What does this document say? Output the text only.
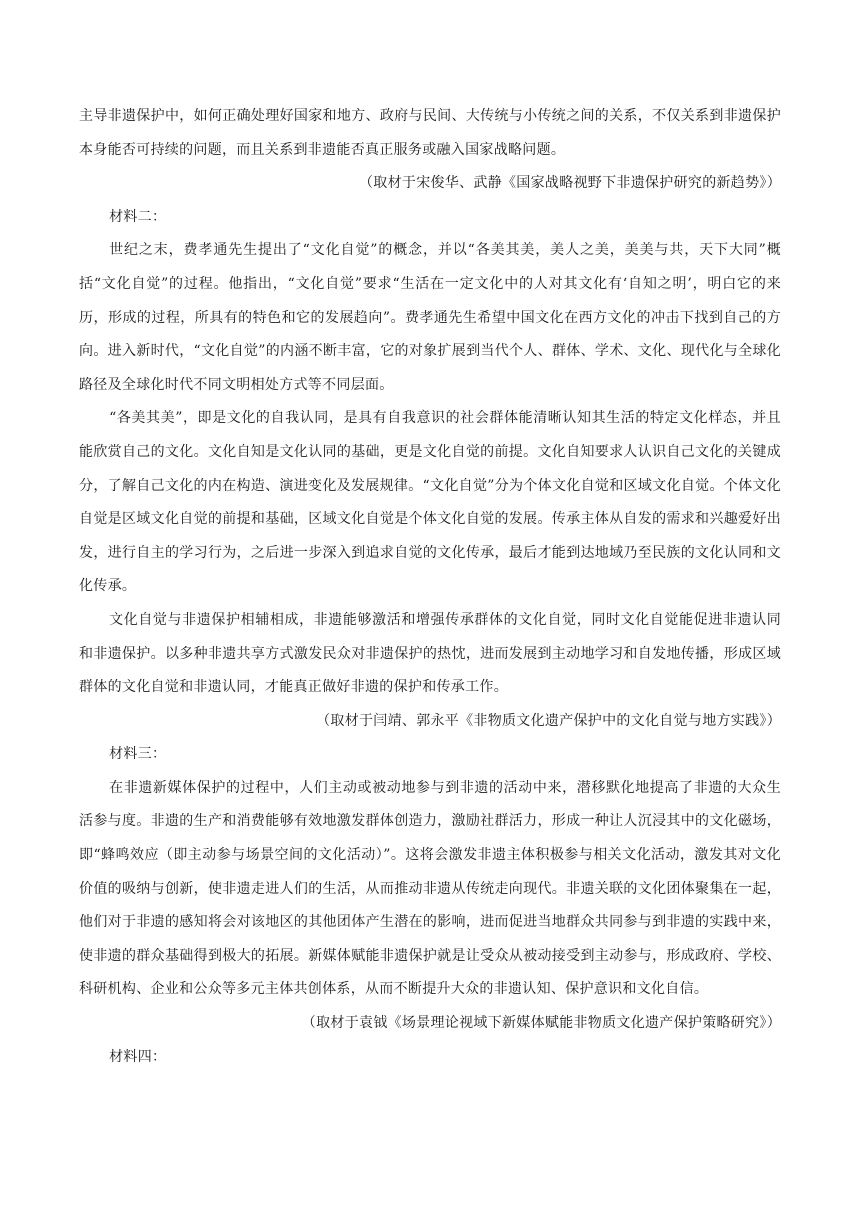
主导非遗保护中，如何正确处理好国家和地方、政府与民间、大传统与小传统之间的关系，不仅关系到非遗保护本身能否可持续的问题，而且关系到非遗能否真正服务或融入国家战略问题。

（取材于宋俊华、武静《国家战略视野下非遗保护研究的新趋势》）

材料二：

世纪之末，费孝通先生提出了“文化自觉”的概念，并以“各美其美，美人之美，美美与共，天下大同”概括“文化自觉”的过程。他指出，“文化自觉”要求“生活在一定文化中的人对其文化有‘自知之明’，明白它的来历，形成的过程，所具有的特色和它的发展趋向”。费孝通先生希望中国文化在西方文化的冲击下找到自己的方向。进入新时代，“文化自觉”的内涵不断丰富，它的对象扩展到当代个人、群体、学术、文化、现代化与全球化路径及全球化时代不同文明相处方式等不同层面。

“各美其美”，即是文化的自我认同，是具有自我意识的社会群体能清晰认知其生活的特定文化样态，并且能欣赏自己的文化。文化自知是文化认同的基础，更是文化自觉的前提。文化自知要求人认识自己文化的关键成分，了解自己文化的内在构造、演进变化及发展规律。“文化自觉”分为个体文化自觉和区域文化自觉。个体文化自觉是区域文化自觉的前提和基础，区域文化自觉是个体文化自觉的发展。传承主体从自发的需求和兴趣爱好出发，进行自主的学习行为，之后进一步深入到追求自觉的文化传承，最后才能到达地域乃至民族的文化认同和文化传承。

文化自觉与非遗保护相辅相成，非遗能够激活和增强传承群体的文化自觉，同时文化自觉能促进非遗认同和非遗保护。以多种非遗共享方式激发民众对非遗保护的热忱，进而发展到主动地学习和自发地传播，形成区域群体的文化自觉和非遗认同，才能真正做好非遗的保护和传承工作。

（取材于闫靖、郭永平《非物质文化遗产保护中的文化自觉与地方实践》）

材料三：

在非遗新媒体保护的过程中，人们主动或被动地参与到非遗的活动中来，潜移默化地提高了非遗的大众生活参与度。非遗的生产和消费能够有效地激发群体创造力，激励社群活力，形成一种让人沉浸其中的文化磁场，即“蜂鸣效应（即主动参与场景空间的文化活动）”。这将会激发非遗主体积极参与相关文化活动，激发其对文化价值的吸纳与创新，使非遗走进人们的生活，从而推动非遗从传统走向现代。非遗关联的文化团体聚集在一起，他们对于非遗的感知将会对该地区的其他团体产生潜在的影响，进而促进当地群众共同参与到非遗的实践中来，使非遗的群众基础得到极大的拓展。新媒体赋能非遗保护就是让受众从被动接受到主动参与，形成政府、学校、科研机构、企业和公众等多元主体共创体系，从而不断提升大众的非遗认知、保护意识和文化自信。

（取材于袁钺《场景理论视域下新媒体赋能非物质文化遗产保护策略研究》）

材料四：
